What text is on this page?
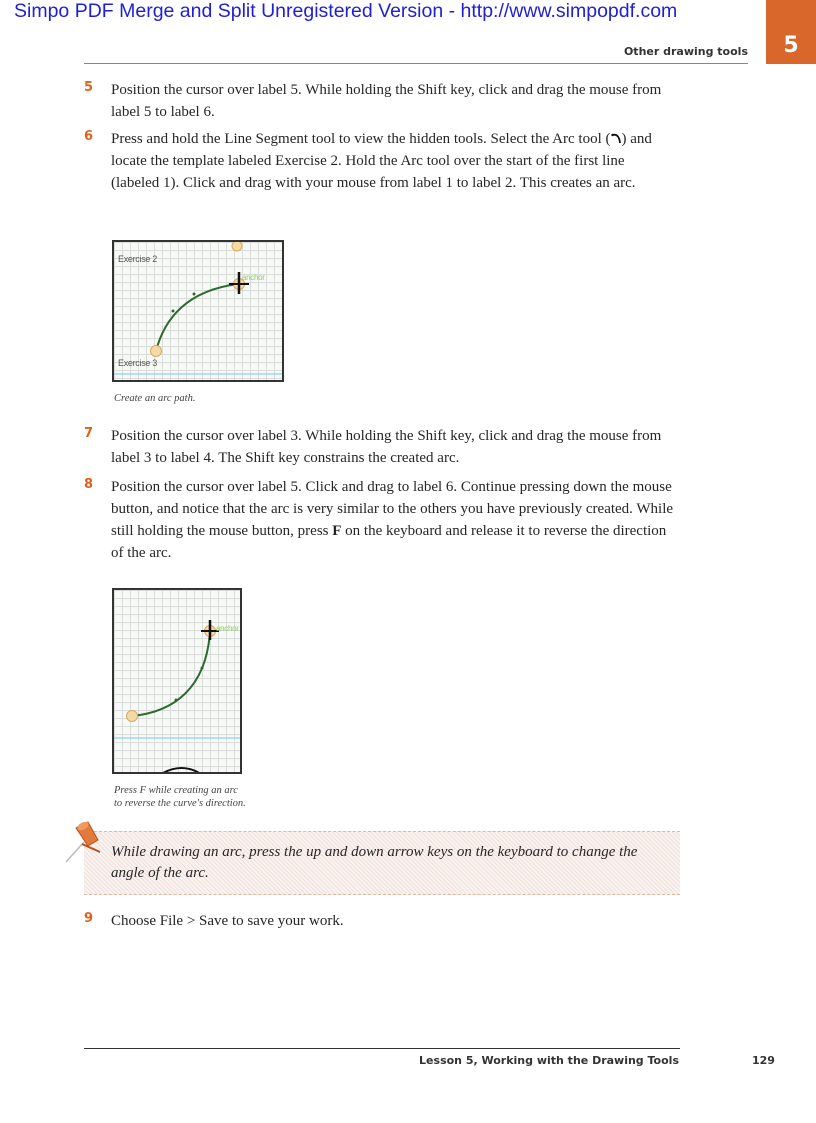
Simpo PDF Merge and Split Unregistered Version - http://www.simpopdf.com
Other drawing tools	5
5 Position the cursor over label 5. While holding the Shift key, click and drag the mouse from label 5 to label 6.
6 Press and hold the Line Segment tool to view the hidden tools. Select the Arc tool ( ) and locate the template labeled Exercise 2. Hold the Arc tool over the start of the first line (labeled 1). Click and drag with your mouse from label 1 to label 2. This creates an arc.
Exercise 2
Exercise 3
anchor
Create an arc path.
7 Position the cursor over label 3. While holding the Shift key, click and drag the mouse from label 3 to label 4. The Shift key constrains the created arc.
8 Position the cursor over label 5. Click and drag to label 6. Continue pressing down the mouse button, and notice that the arc is very similar to the others you have previously created. While still holding the mouse button, press F on the keyboard and release it to reverse the direction of the arc.
anchor
Press F while creating an arc
to reverse the curve's direction.
While drawing an arc, press the up and down arrow keys on the keyboard to change the angle of the arc.
9 Choose File > Save to save your work.
Lesson 5, Working with the Drawing Tools	129
